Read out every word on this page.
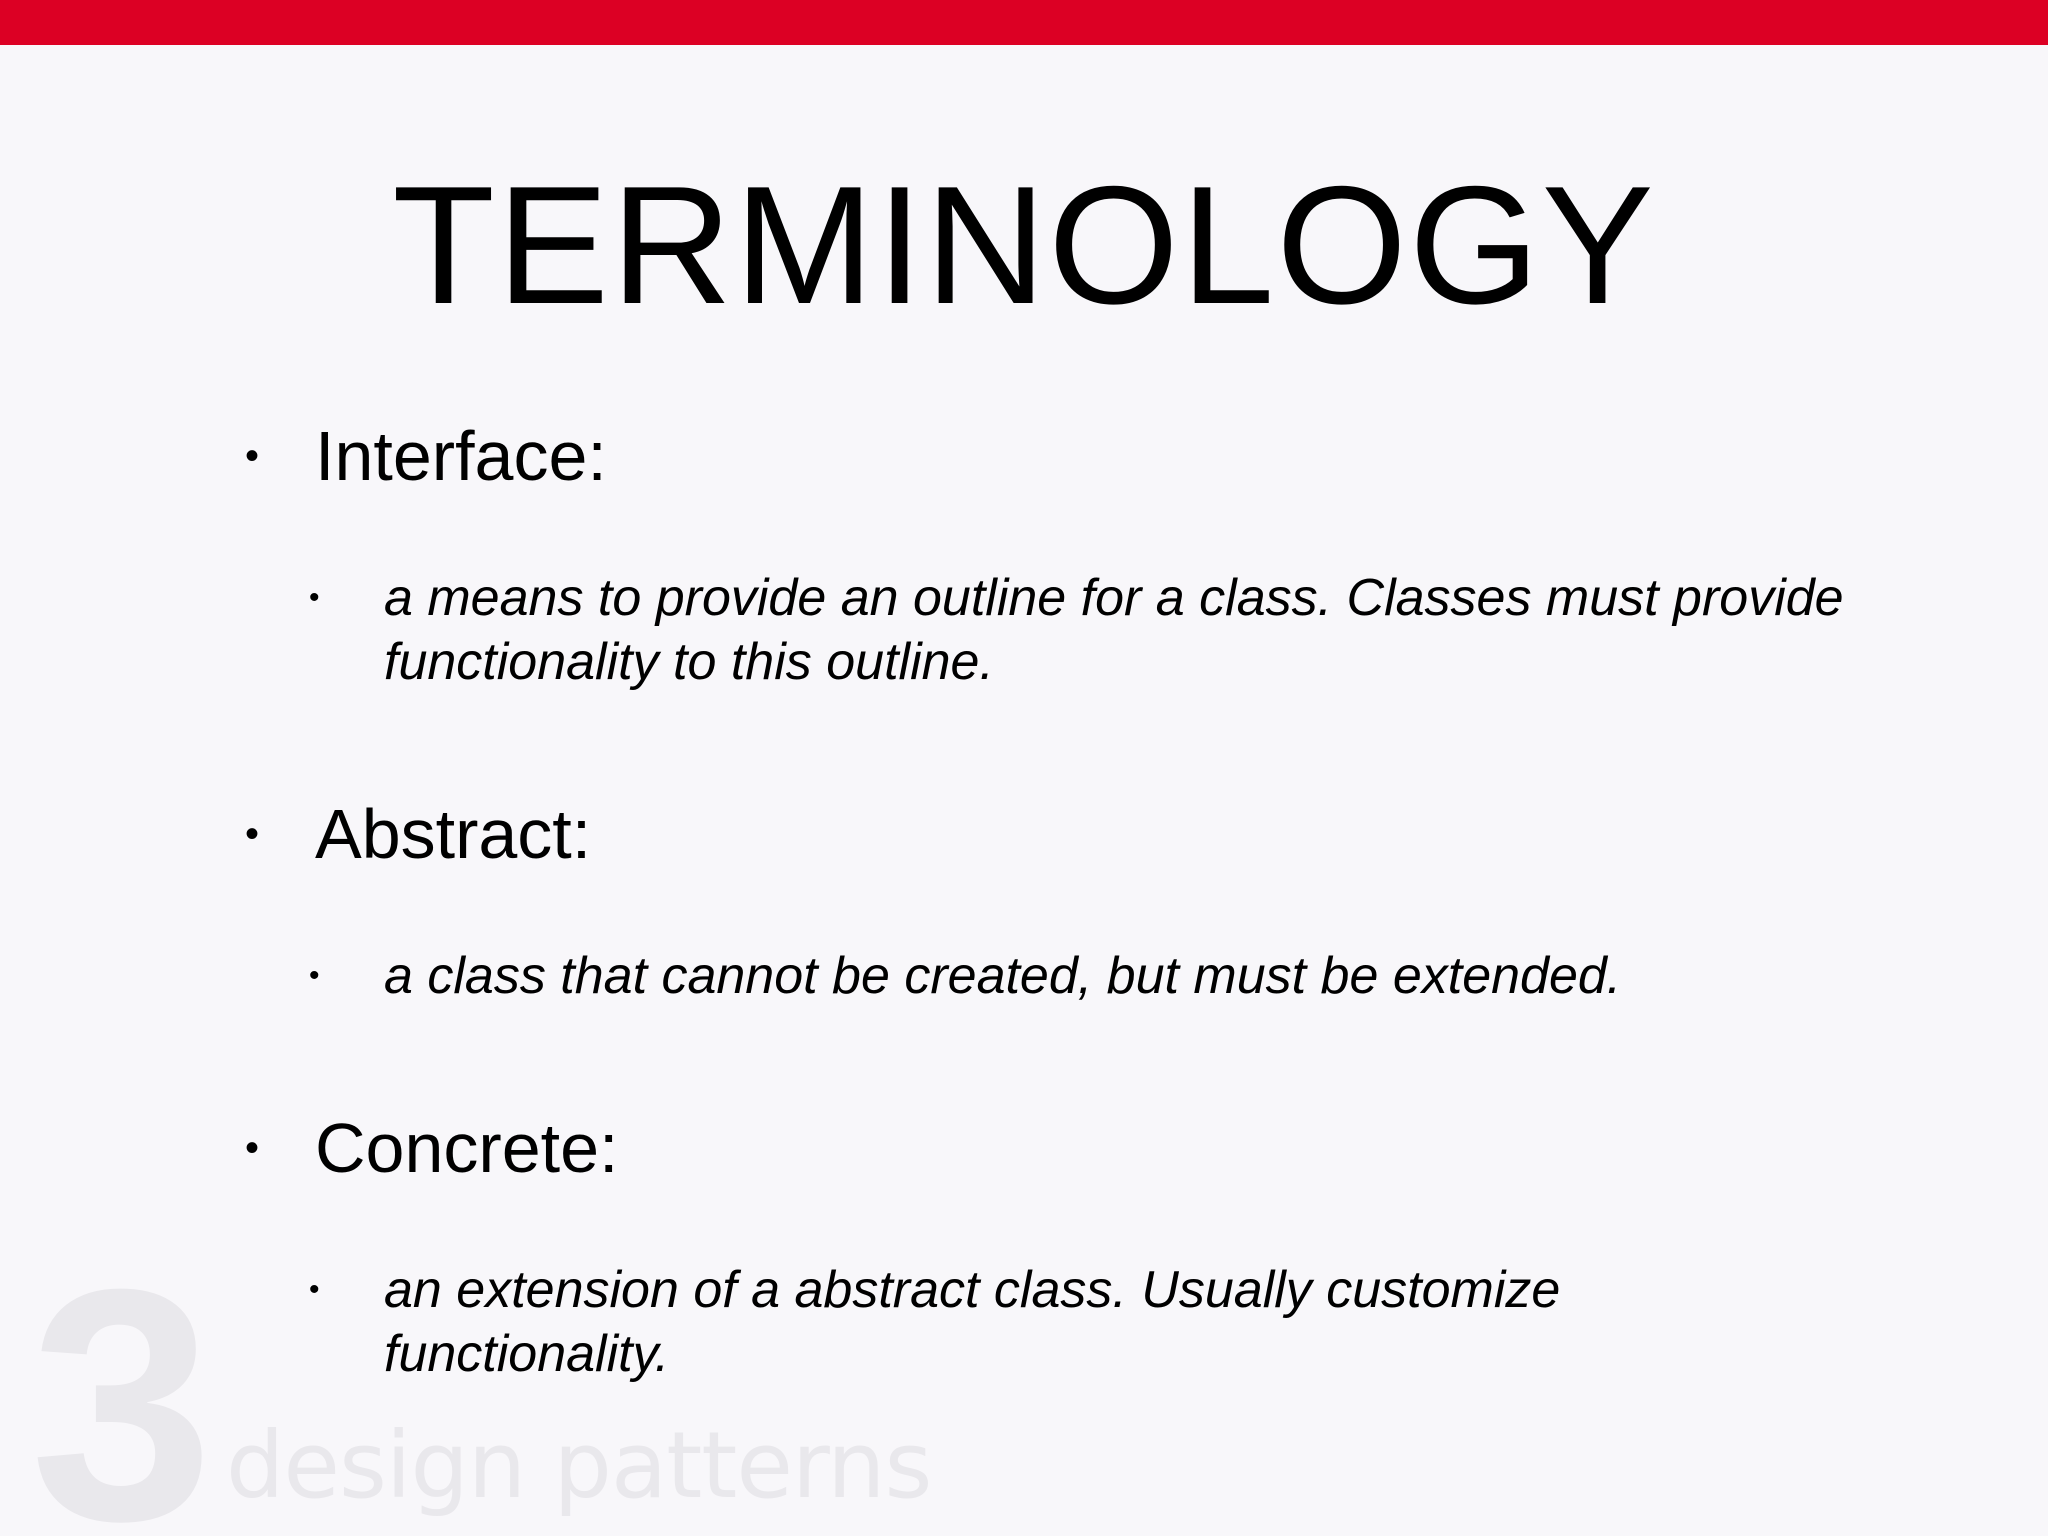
3 design patterns
TERMINOLOGY
• Interface:
• a means to provide an outline for a class. Classes must provide functionality to this outline.
• Abstract:
• a class that cannot be created, but must be extended.
• Concrete:
• an extension of a abstract class. Usually customize functionality.
